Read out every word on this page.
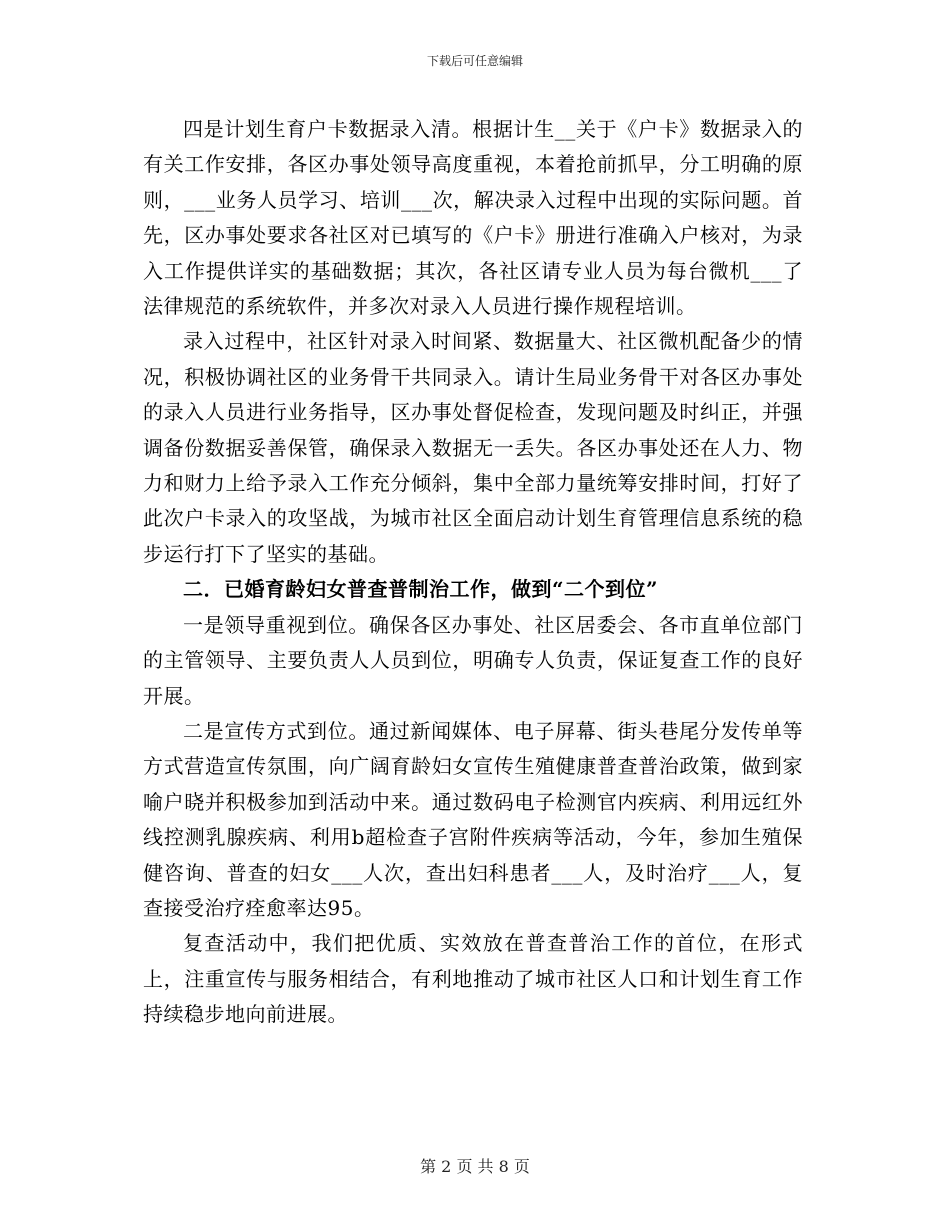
下载后可任意编辑

四是计划生育户卡数据录入清。根据计生__关于《户卡》数据录入的有关工作安排，各区办事处领导高度重视，本着抢前抓早，分工明确的原则，___业务人员学习、培训___次，解决录入过程中出现的实际问题。首先，区办事处要求各社区对已填写的《户卡》册进行准确入户核对，为录入工作提供详实的基础数据；其次，各社区请专业人员为每台微机___了法律规范的系统软件，并多次对录入人员进行操作规程培训。

录入过程中，社区针对录入时间紧、数据量大、社区微机配备少的情况，积极协调社区的业务骨干共同录入。请计生局业务骨干对各区办事处的录入人员进行业务指导，区办事处督促检查，发现问题及时纠正，并强调备份数据妥善保管，确保录入数据无一丢失。各区办事处还在人力、物力和财力上给予录入工作充分倾斜，集中全部力量统筹安排时间，打好了此次户卡录入的攻坚战，为城市社区全面启动计划生育管理信息系统的稳步运行打下了坚实的基础。

二．已婚育龄妇女普查普制治工作，做到“二个到位”

一是领导重视到位。确保各区办事处、社区居委会、各市直单位部门的主管领导、主要负责人人员到位，明确专人负责，保证复查工作的良好开展。

二是宣传方式到位。通过新闻媒体、电子屏幕、街头巷尾分发传单等方式营造宣传氛围，向广阔育龄妇女宣传生殖健康普查普治政策，做到家喻户晓并积极参加到活动中来。通过数码电子检测官内疾病、利用远红外线控测乳腺疾病、利用b超检查子宫附件疾病等活动，今年，参加生殖保健咨询、普查的妇女___人次，查出妇科患者___人，及时治疗___人，复查接受治疗痊愈率达95。

复查活动中，我们把优质、实效放在普查普治工作的首位，在形式上，注重宣传与服务相结合，有利地推动了城市社区人口和计划生育工作持续稳步地向前进展。

第 2 页 共 8 页
